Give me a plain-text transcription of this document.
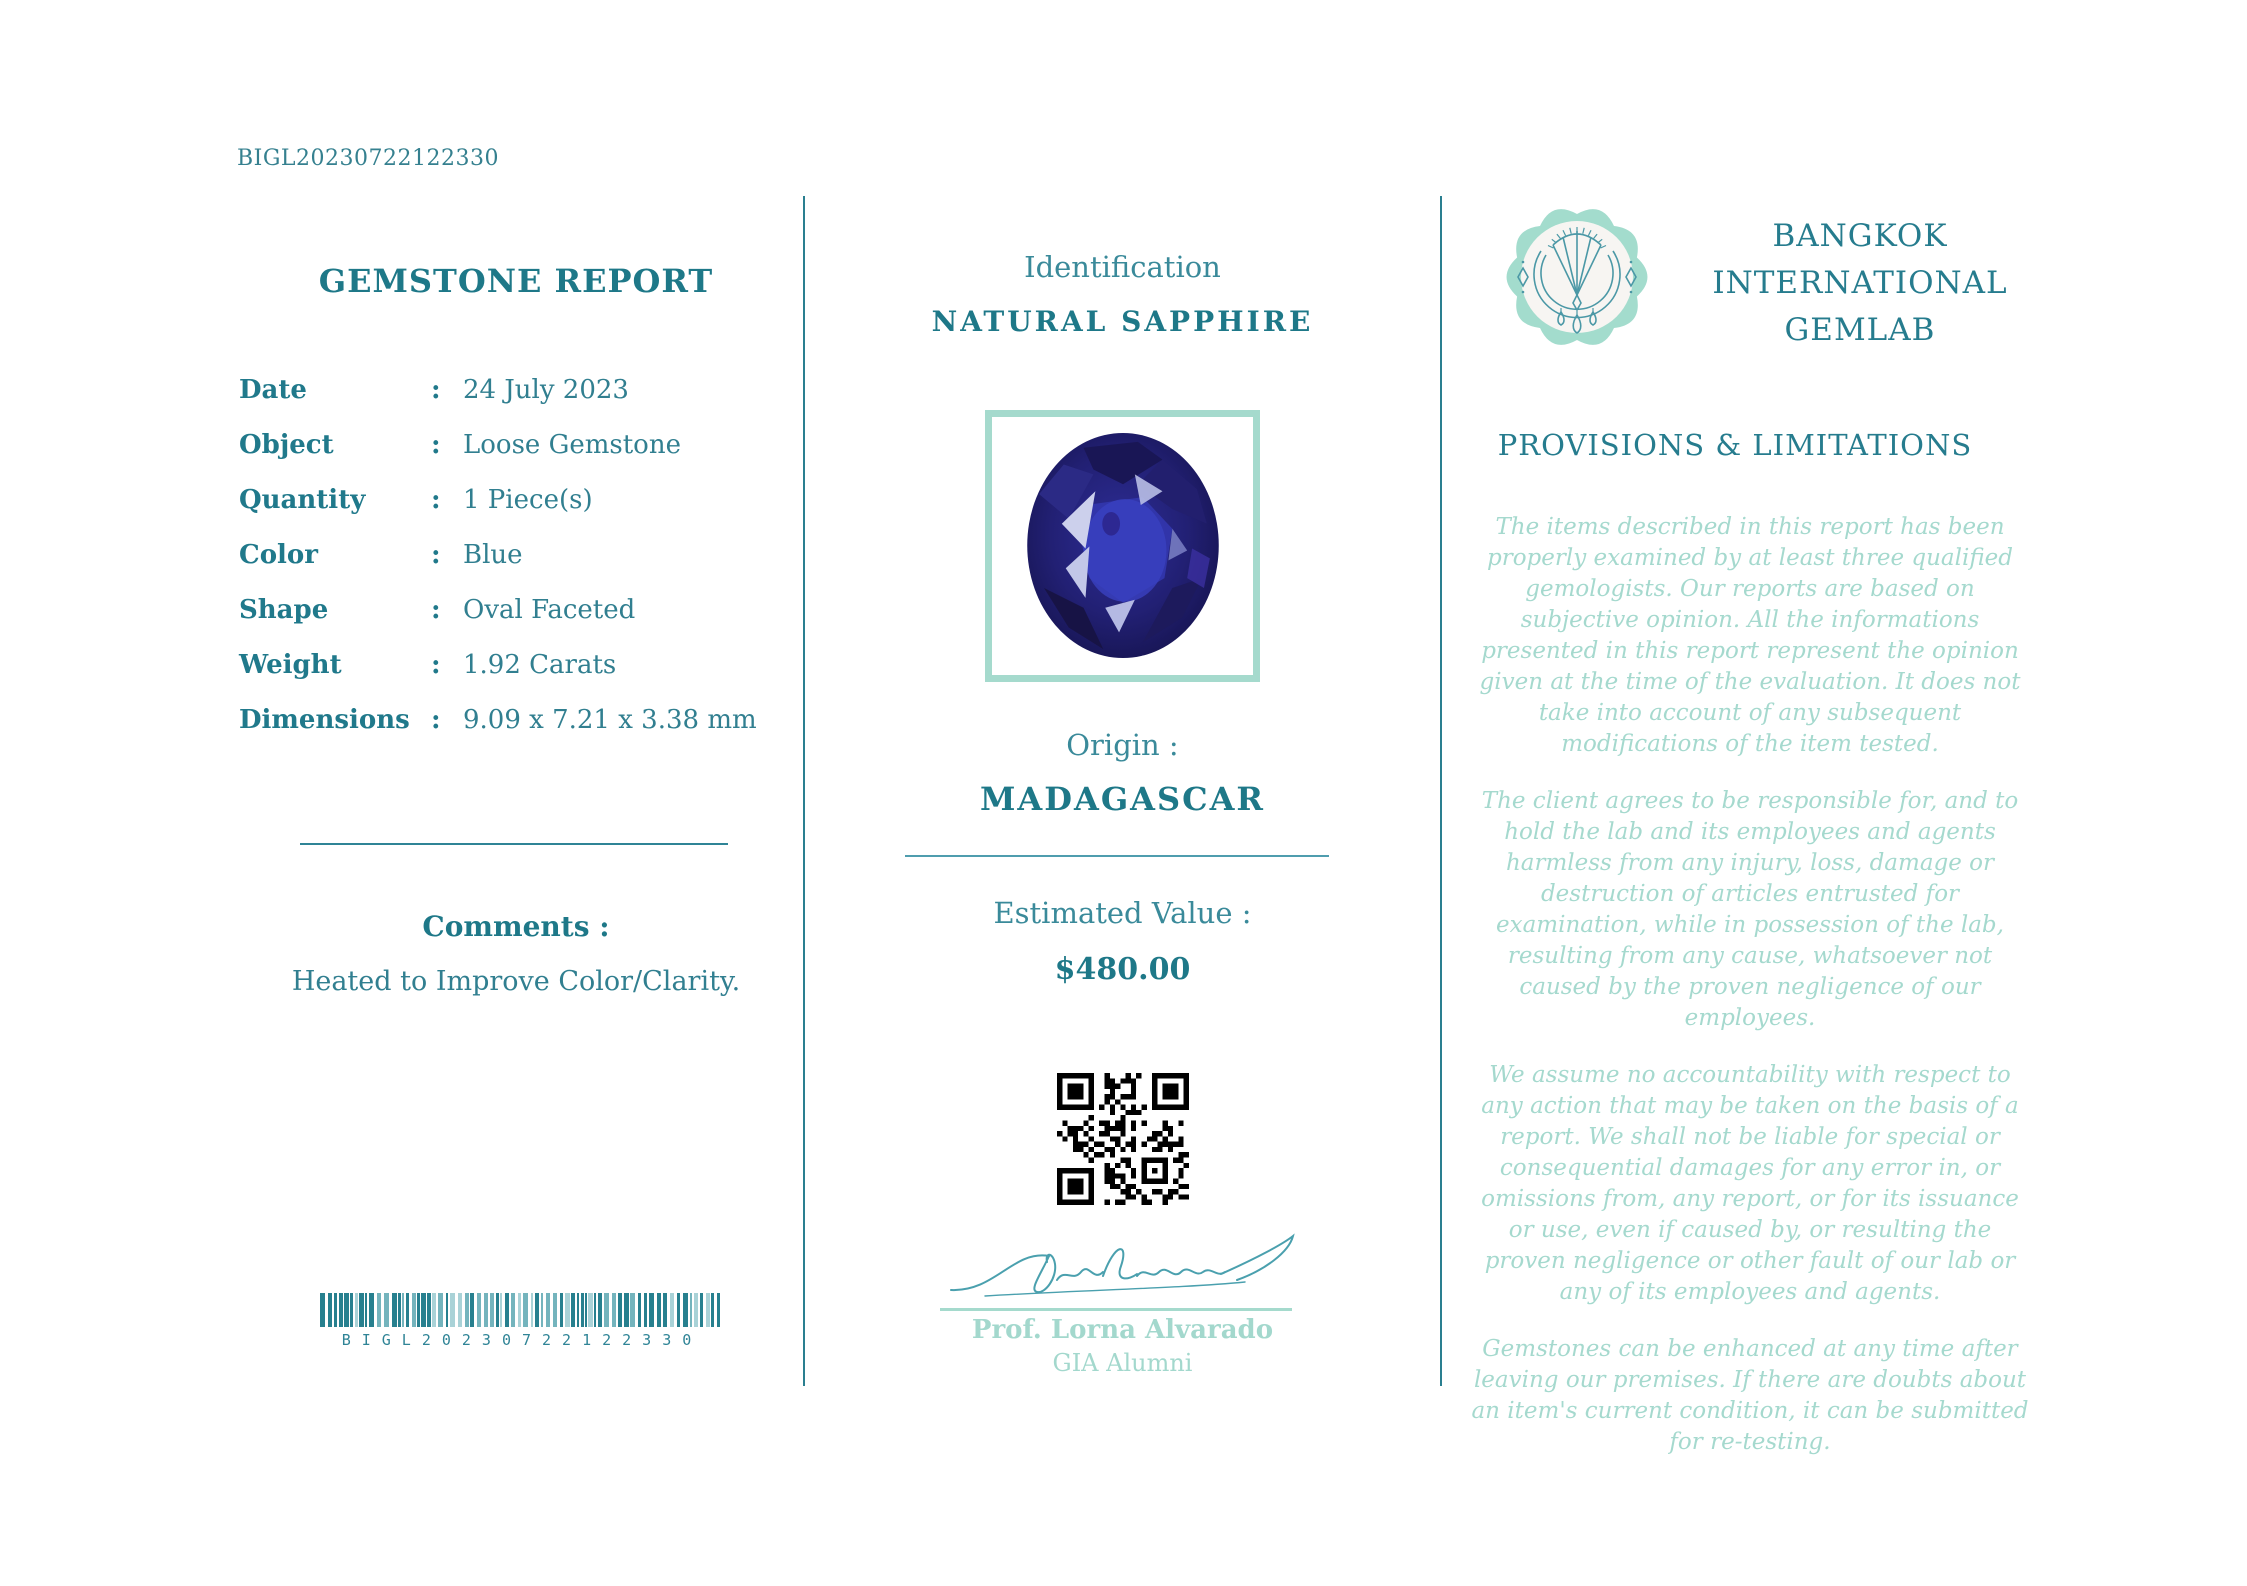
BIGL20230722122330
GEMSTONE REPORT
Date	: 24 July 2023
Object	: Loose Gemstone
Quantity	: 1 Piece(s)
Color	: Blue
Shape	: Oval Faceted
Weight	: 1.92 Carats
Dimensions : 9.09 x 7.21 x 3.38 mm
Comments :
Heated to Improve Color/Clarity.
BIGL20230722122330
Identification
NATURAL SAPPHIRE
Origin :
MADAGASCAR
Estimated Value :
$480.00
Prof. Lorna Alvarado
GIA Alumni
BANGKOK
INTERNATIONAL
GEMLAB
PROVISIONS & LIMITATIONS

The items described in this report has been properly examined by at least three qualified gemologists. Our reports are based on subjective opinion. All the informations presented in this report represent the opinion given at the time of the evaluation. It does not take into account of any subsequent modifications of the item tested.

The client agrees to be responsible for, and to hold the lab and its employees and agents harmless from any injury, loss, damage or destruction of articles entrusted for examination, while in possession of the lab, resulting from any cause, whatsoever not caused by the proven negligence of our employees.

We assume no accountability with respect to any action that may be taken on the basis of a report. We shall not be liable for special or consequential damages for any error in, or omissions from, any report, or for its issuance or use, even if caused by, or resulting the proven negligence or other fault of our lab or any of its employees and agents.

Gemstones can be enhanced at any time after leaving our premises. If there are doubts about an item's current condition, it can be submitted for re-testing.
